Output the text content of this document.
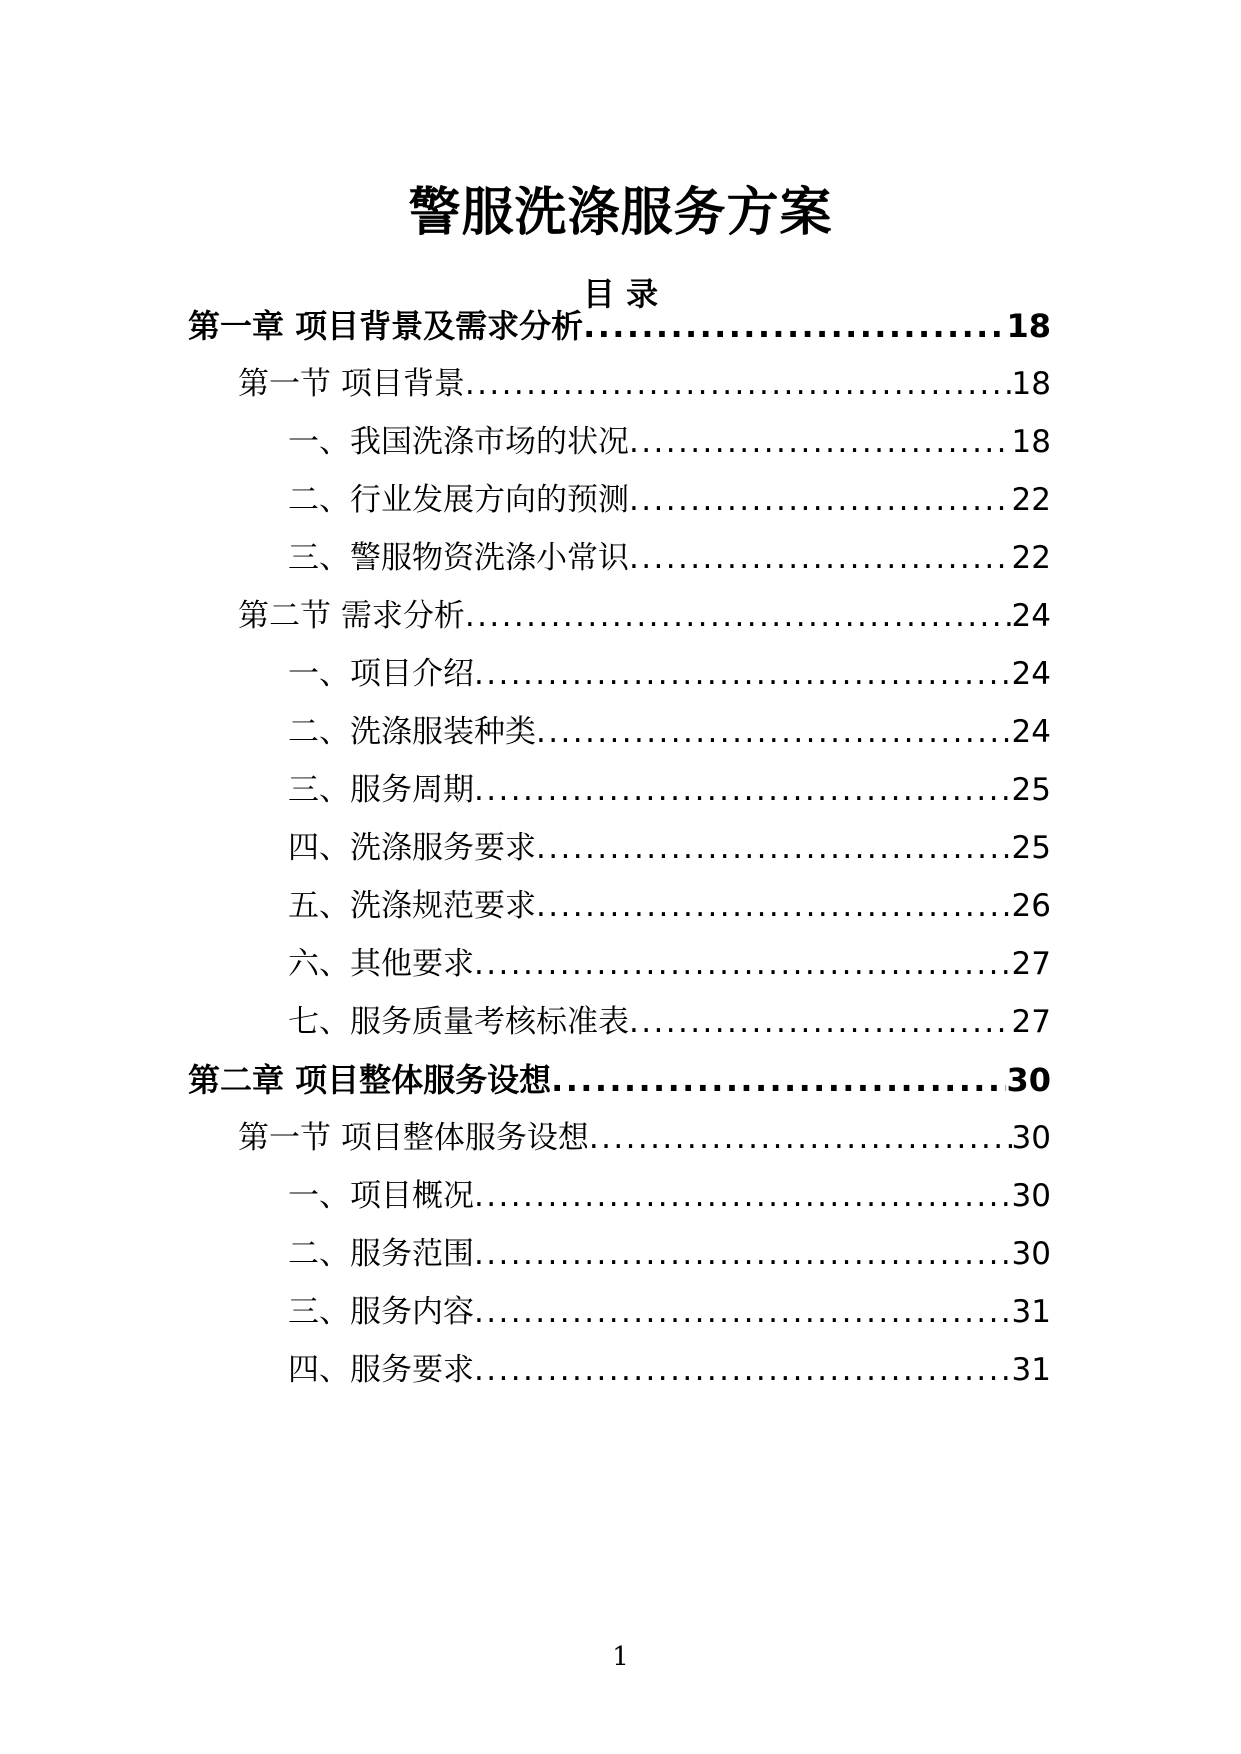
警服洗涤服务方案
目 录
第一章 项目背景及需求分析 .....	18
第一节 项目背景 .....	18
一、我国洗涤市场的状况 .....	18
二、行业发展方向的预测 .....	22
三、警服物资洗涤小常识 .....	22
第二节 需求分析 .....	24
一、项目介绍 .....	24
二、洗涤服装种类 .....	24
三、服务周期 .....	25
四、洗涤服务要求 .....	25
五、洗涤规范要求 .....	26
六、其他要求 .....	27
七、服务质量考核标准表 .....	27
第二章 项目整体服务设想 .....	30
第一节 项目整体服务设想 .....	30
一、项目概况 .....	30
二、服务范围 .....	30
三、服务内容 .....	31
四、服务要求 .....	31
1
